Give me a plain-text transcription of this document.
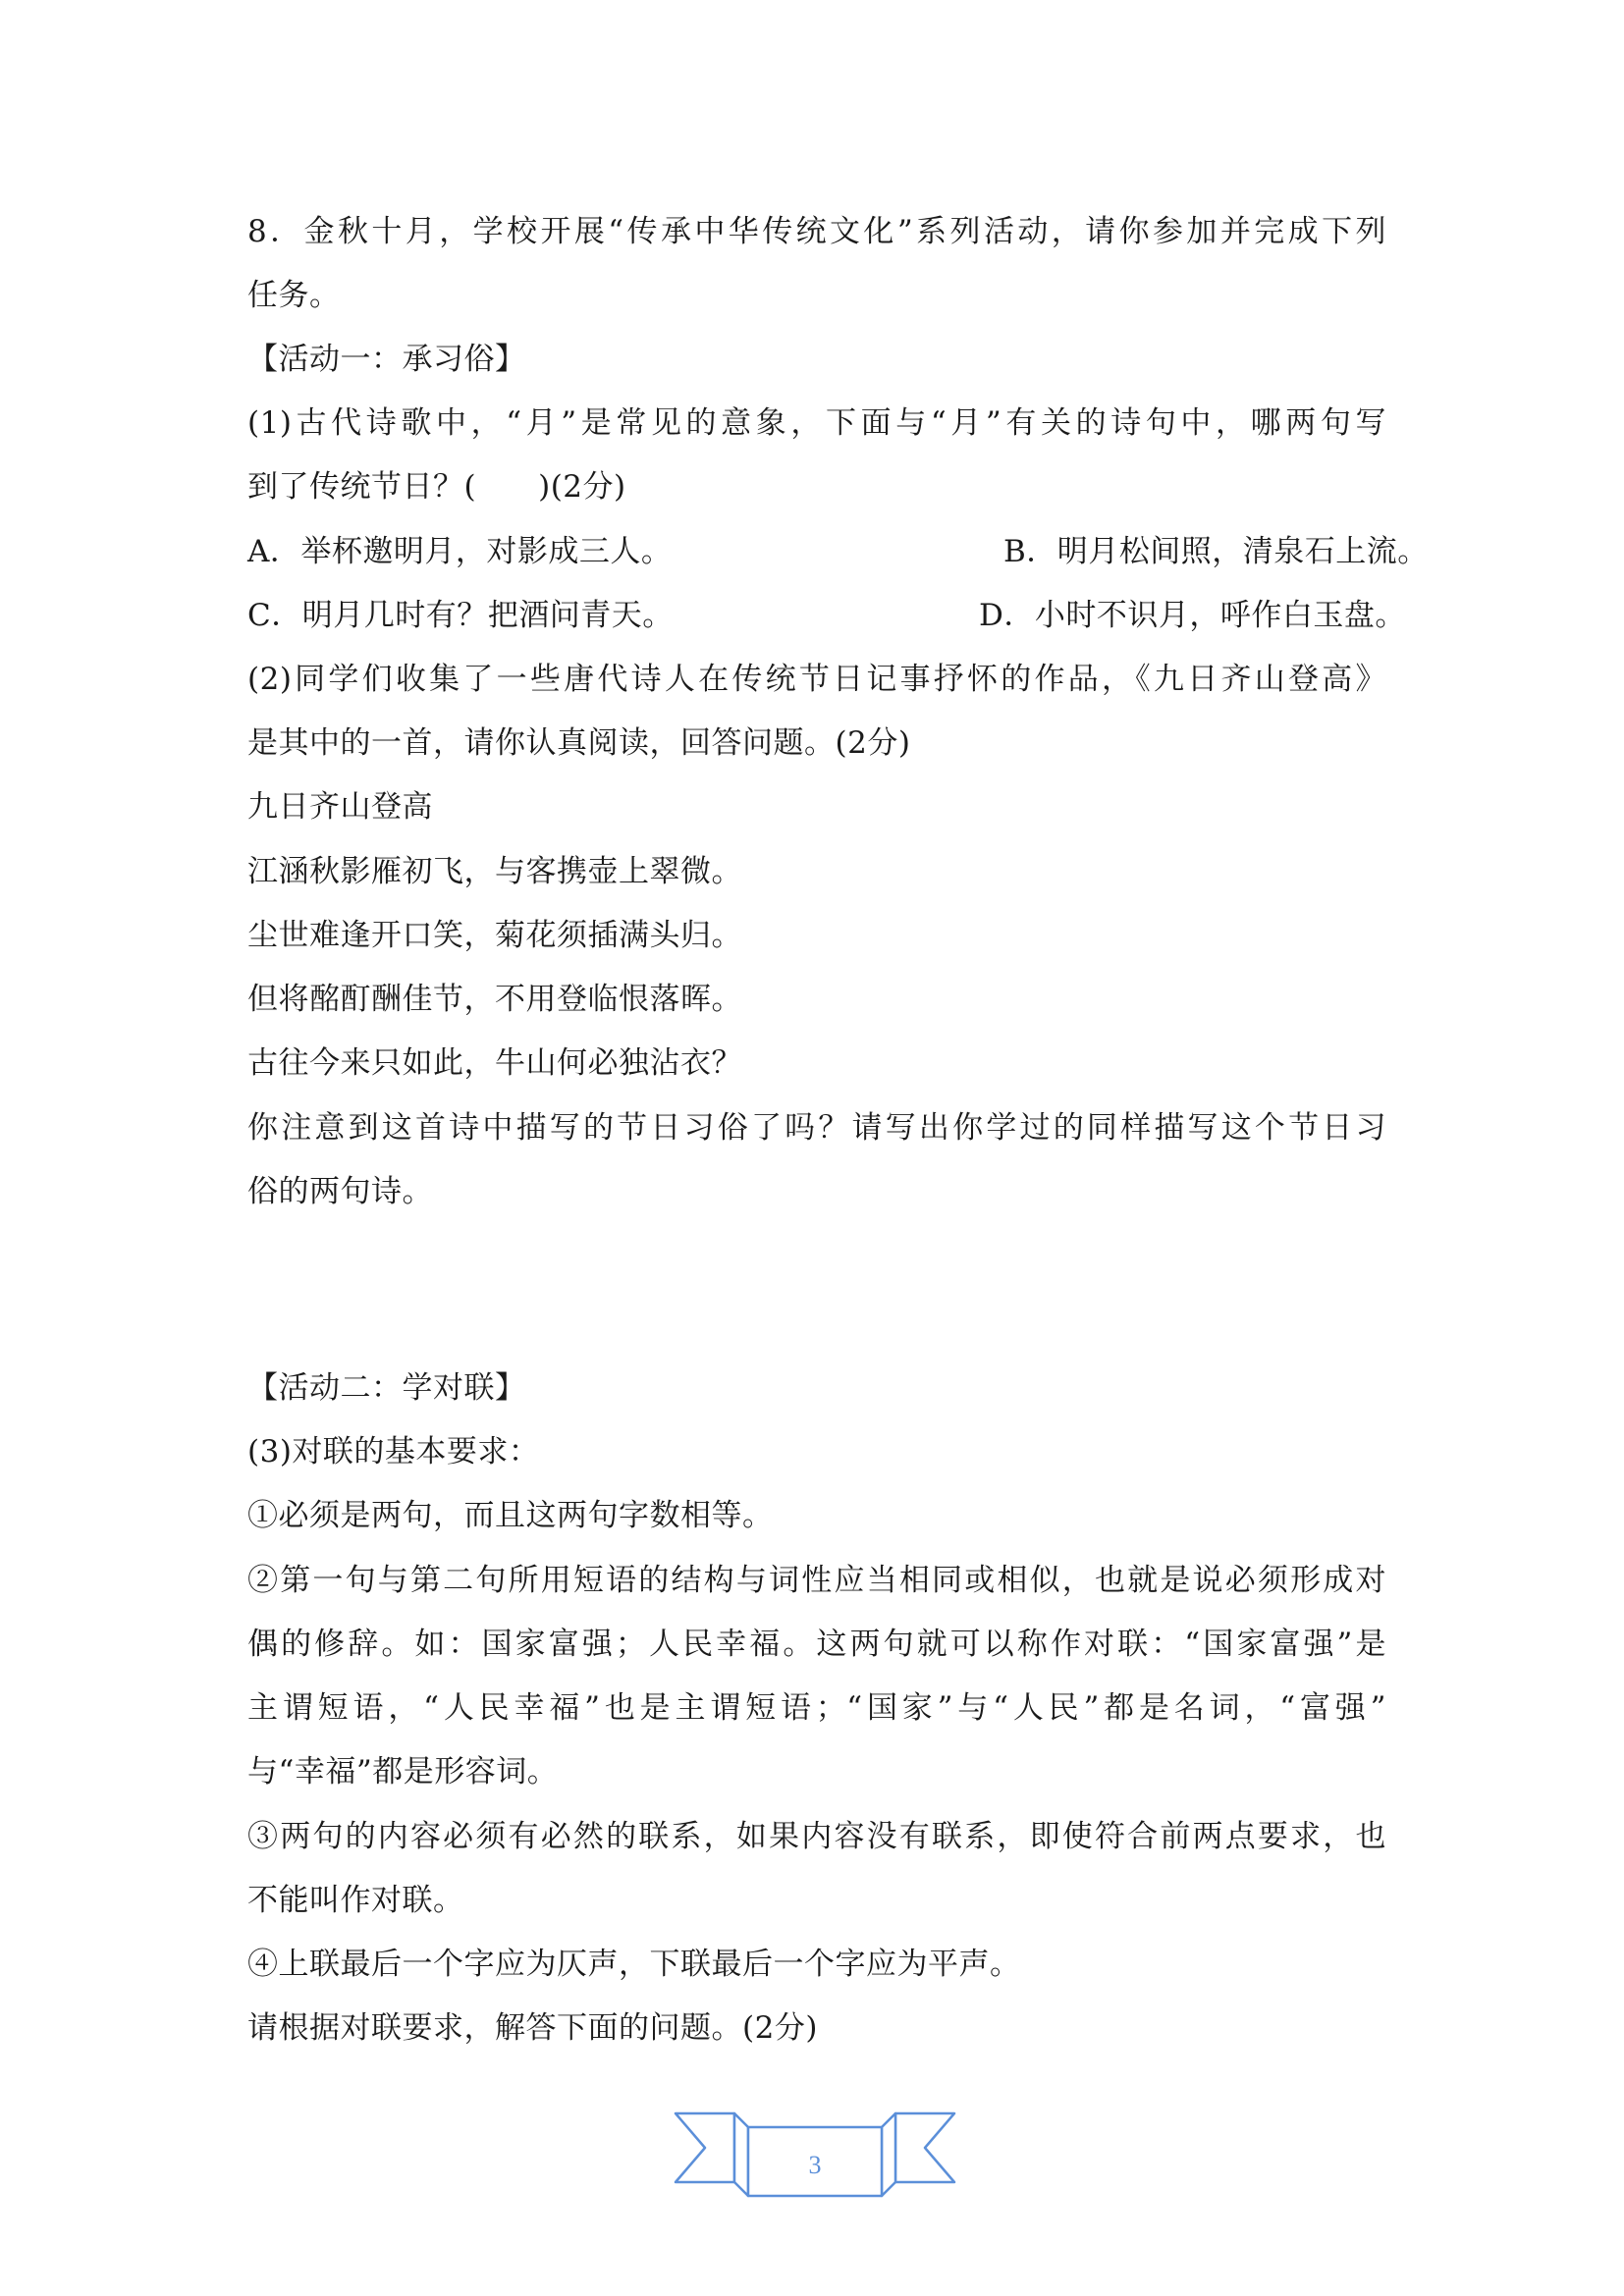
8．金秋十月，学校开展“传承中华传统文化”系列活动，请你参加并完成下列
任务。
【活动一：承习俗】
(1)古代诗歌中，“月”是常见的意象，下面与“月”有关的诗句中，哪两句写
到了传统节日？(　　)(2分)
A．举杯邀明月，对影成三人。	B．明月松间照，清泉石上流。
C．明月几时有？把酒问青天。	D．小时不识月，呼作白玉盘。
(2)同学们收集了一些唐代诗人在传统节日记事抒怀的作品，《九日齐山登高》
是其中的一首，请你认真阅读，回答问题。(2分)
九日齐山登高
江涵秋影雁初飞，与客携壶上翠微。
尘世难逢开口笑，菊花须插满头归。
但将酩酊酬佳节，不用登临恨落晖。
古往今来只如此，牛山何必独沾衣？
你注意到这首诗中描写的节日习俗了吗？请写出你学过的同样描写这个节日习
俗的两句诗。
【活动二：学对联】
(3)对联的基本要求：
①必须是两句，而且这两句字数相等。
②第一句与第二句所用短语的结构与词性应当相同或相似，也就是说必须形成对
偶的修辞。如：国家富强；人民幸福。这两句就可以称作对联：“国家富强”是
主谓短语，“人民幸福”也是主谓短语；“国家”与“人民”都是名词，“富强”
与“幸福”都是形容词。
③两句的内容必须有必然的联系，如果内容没有联系，即使符合前两点要求，也
不能叫作对联。
④上联最后一个字应为仄声，下联最后一个字应为平声。
请根据对联要求，解答下面的问题。(2分)
3
